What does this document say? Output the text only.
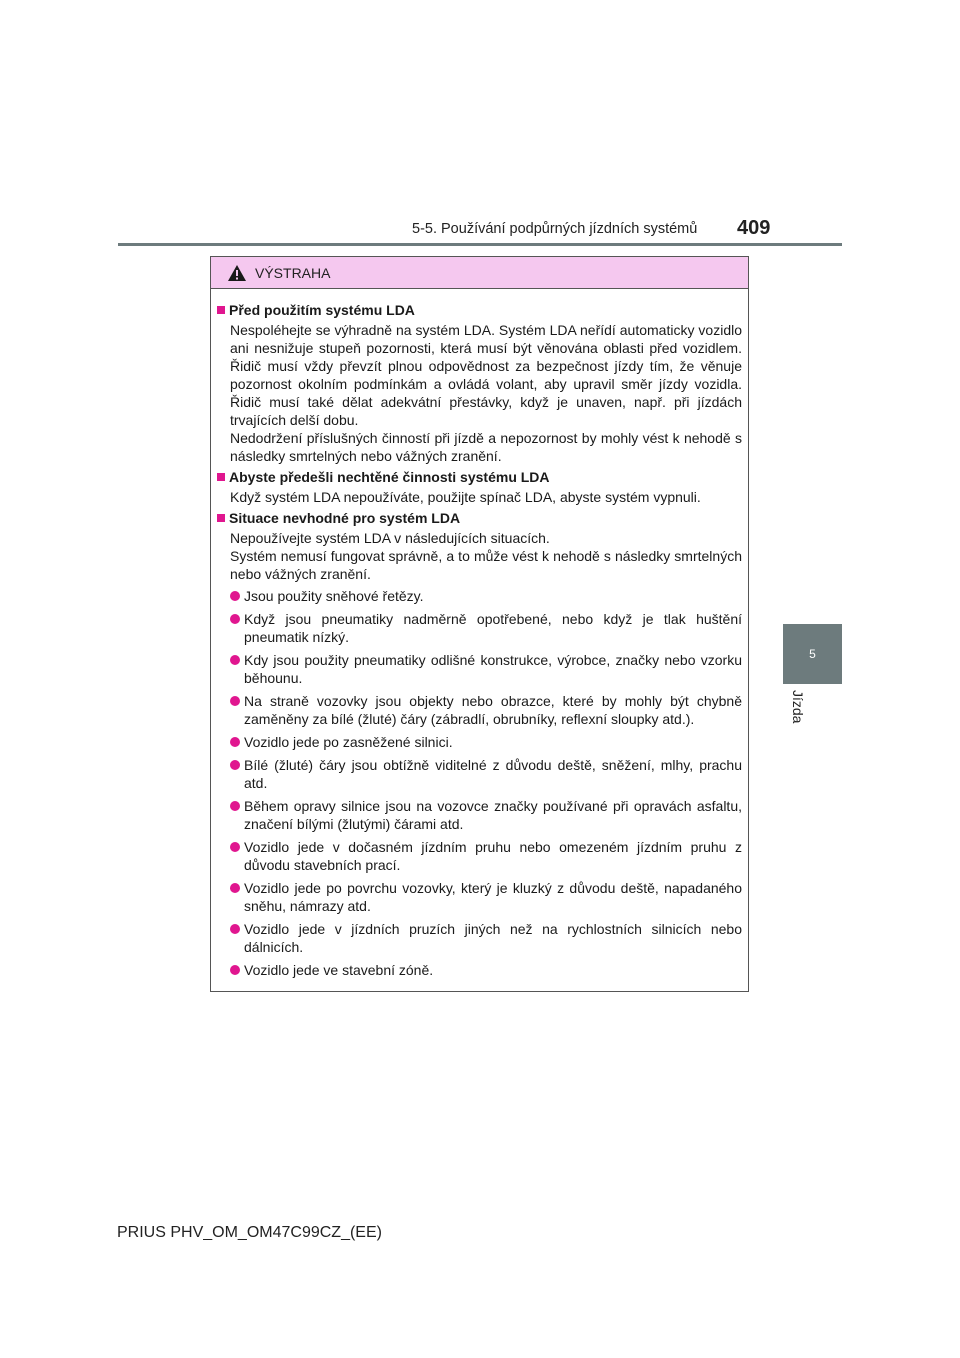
5-5. Používání podpůrných jízdních systémů 409
5
Jízda
VÝSTRAHA
Před použitím systému LDA

Nespoléhejte se výhradně na systém LDA. Systém LDA neřídí automaticky vozidlo ani nesnižuje stupeň pozornosti, která musí být věnována oblasti před vozidlem. Řidič musí vždy převzít plnou odpovědnost za bezpečnost jízdy tím, že věnuje pozornost okolním podmínkám a ovládá volant, aby upravil směr jízdy vozidla. Řidič musí také dělat adekvátní přestávky, když je unaven, např. při jízdách trvajících delší dobu.

Nedodržení příslušných činností při jízdě a nepozornost by mohly vést k nehodě s následky smrtelných nebo vážných zranění.

Abyste předešli nechtěné činnosti systému LDA

Když systém LDA nepoužíváte, použijte spínač LDA, abyste systém vypnuli.

Situace nevhodné pro systém LDA

Nepoužívejte systém LDA v následujících situacích.

Systém nemusí fungovat správně, a to může vést k nehodě s následky smrtelných nebo vážných zranění.

Jsou použity sněhové řetězy.
Když jsou pneumatiky nadměrně opotřebené, nebo když je tlak huštění pneumatik nízký.
Kdy jsou použity pneumatiky odlišné konstrukce, výrobce, značky nebo vzorku běhounu.
Na straně vozovky jsou objekty nebo obrazce, které by mohly být chybně zaměněny za bílé (žluté) čáry (zábradlí, obrubníky, reflexní sloupky atd.).
Vozidlo jede po zasněžené silnici.
Bílé (žluté) čáry jsou obtížně viditelné z důvodu deště, sněžení, mlhy, prachu atd.
Během opravy silnice jsou na vozovce značky používané při opravách asfaltu, značení bílými (žlutými) čárami atd.
Vozidlo jede v dočasném jízdním pruhu nebo omezeném jízdním pruhu z důvodu stavebních prací.
Vozidlo jede po povrchu vozovky, který je kluzký z důvodu deště, napadaného sněhu, námrazy atd.
Vozidlo jede v jízdních pruzích jiných než na rychlostních silnicích nebo dálnicích.
Vozidlo jede ve stavební zóně.
PRIUS PHV_OM_OM47C99CZ_(EE)
